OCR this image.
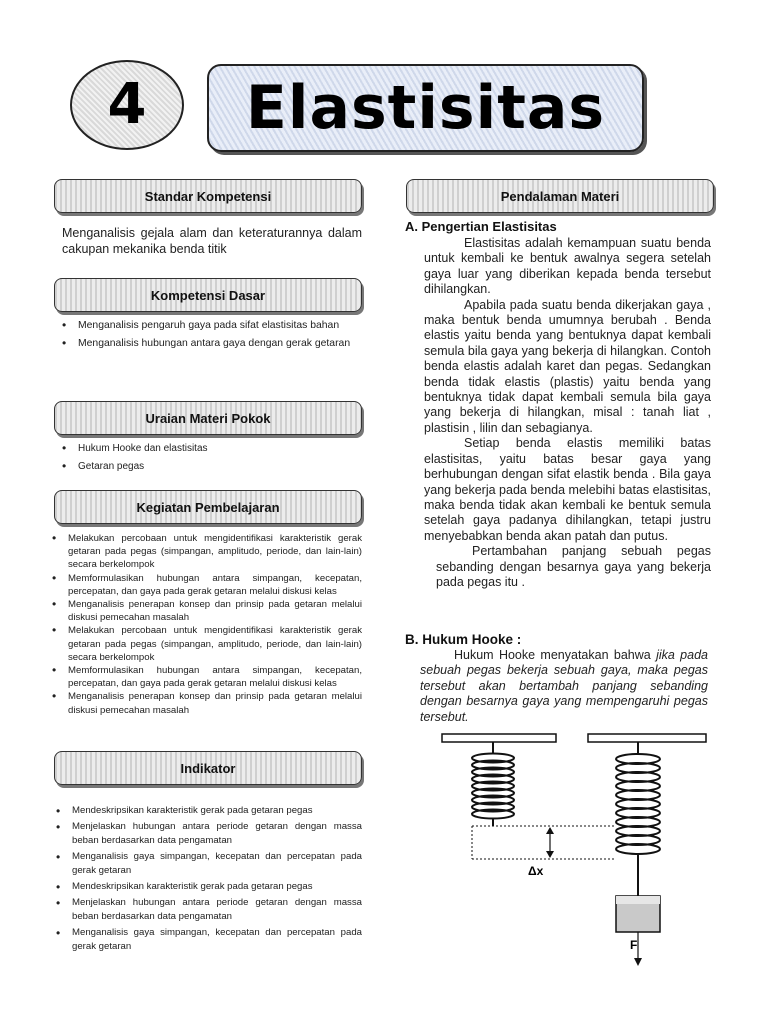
4 Elastisitas
Standar Kompetensi
Menganalisis gejala alam dan keteraturannya dalam cakupan mekanika benda titik
Kompetensi Dasar
• Menganalisis pengaruh gaya pada sifat elastisitas bahan
• Menganalisis hubungan antara gaya dengan gerak getaran
Uraian Materi Pokok
• Hukum Hooke dan elastisitas
• Getaran pegas
Kegiatan Pembelajaran
• Melakukan percobaan untuk mengidentifikasi karakteristik gerak getaran pada pegas (simpangan, amplitudo, periode, dan lain-lain) secara berkelompok
• Memformulasikan hubungan antara simpangan, kecepatan, percepatan, dan gaya pada gerak getaran melalui diskusi kelas
• Menganalisis penerapan konsep dan prinsip pada getaran melalui diskusi pemecahan masalah
• Melakukan percobaan untuk mengidentifikasi karakteristik gerak getaran pada pegas (simpangan, amplitudo, periode, dan lain-lain) secara berkelompok
• Memformulasikan hubungan antara simpangan, kecepatan, percepatan, dan gaya pada gerak getaran melalui diskusi kelas
• Menganalisis penerapan konsep dan prinsip pada getaran melalui diskusi pemecahan masalah
Indikator
• Mendeskripsikan karakteristik gerak pada getaran pegas
• Menjelaskan hubungan antara periode getaran dengan massa beban berdasarkan data pengamatan
• Menganalisis gaya simpangan, kecepatan dan percepatan pada gerak getaran
• Mendeskripsikan karakteristik gerak pada getaran pegas
• Menjelaskan hubungan antara periode getaran dengan massa beban berdasarkan data pengamatan
• Menganalisis gaya simpangan, kecepatan dan percepatan pada gerak getaran
Pendalaman Materi
A. Pengertian Elastisitas

Elastisitas adalah kemampuan suatu benda untuk kembali ke bentuk awalnya segera setelah gaya luar yang diberikan kepada benda tersebut dihilangkan.

Apabila pada suatu benda dikerjakan gaya , maka bentuk benda umumnya berubah . Benda elastis yaitu benda yang bentuknya dapat kembali semula bila gaya yang bekerja di hilangkan. Contoh benda elastis adalah karet dan pegas. Sedangkan benda tidak elastis (plastis) yaitu benda yang bentuknya tidak dapat kembali semula bila gaya yang bekerja di hilangkan, misal : tanah liat , plastisin , lilin dan sebagianya.

Setiap benda elastis memiliki batas elastisitas, yaitu batas besar gaya yang berhubungan dengan sifat elastik benda . Bila gaya yang bekerja pada benda melebihi batas elastisitas, maka benda tidak akan kembali ke bentuk semula setelah gaya padanya dihilangkan, tetapi justru menyebabkan benda akan patah dan putus.

Pertambahan panjang sebuah pegas sebanding dengan besarnya gaya yang bekerja pada pegas itu .

B. Hukum Hooke :
Hukum Hooke menyatakan bahwa jika pada sebuah pegas bekerja sebuah gaya, maka pegas tersebut akan bertambah panjang sebanding dengan besarnya gaya yang mempengaruhi pegas tersebut.
Δx
F
